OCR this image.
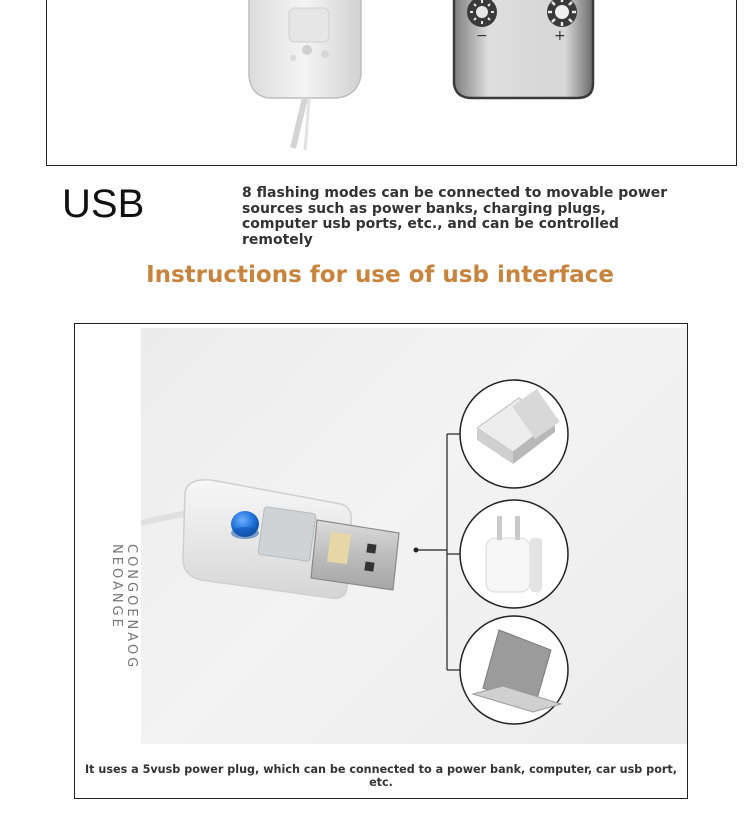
−	+
USB	8 flashing modes can be connected to movable power sources such as power banks, charging plugs, computer usb ports, etc., and can be controlled remotely
Instructions for use of usb interface
CONGOENAOG NEOANGE
It uses a 5vusb power plug, which can be connected to a power bank, computer, car usb port, etc.
